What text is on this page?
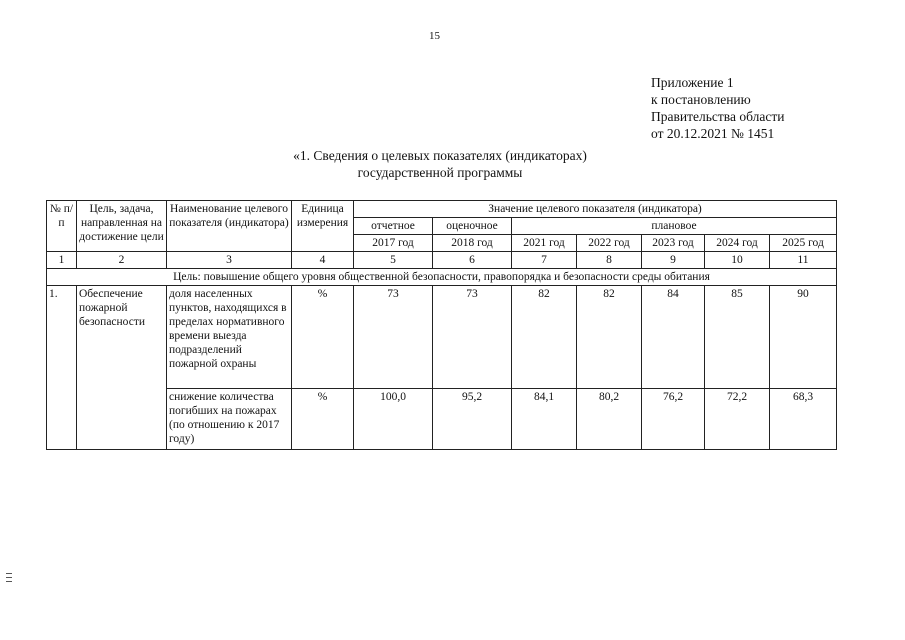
15
Приложение 1
к постановлению
Правительства области
от 20.12.2021 № 1451
«1. Сведения о целевых показателях (индикаторах)
государственной программы
№ п/п	Цель, задача, направленная на достижение цели	Наименование целевого показателя (индикатора)	Единица измерения	Значение целевого показателя (индикатора)						
				отчетное	оценочное	плановое				
				2017 год	2018 год	2021 год	2022 год	2023 год	2024 год	2025 год
1	2	3	4	5	6	7	8	9	10	11
Цель: повышение общего уровня общественной безопасности, правопорядка и безопасности среды обитания										
1.	Обеспечение пожарной безопасности	доля населенных пунктов, находящихся в пределах нормативного времени выезда подразделений пожарной охраны	%	73	73	82	82	84	85	90
		снижение количества погибших на пожарах (по отношению к 2017 году)	%	100,0	95,2	84,1	80,2	76,2	72,2	68,3
